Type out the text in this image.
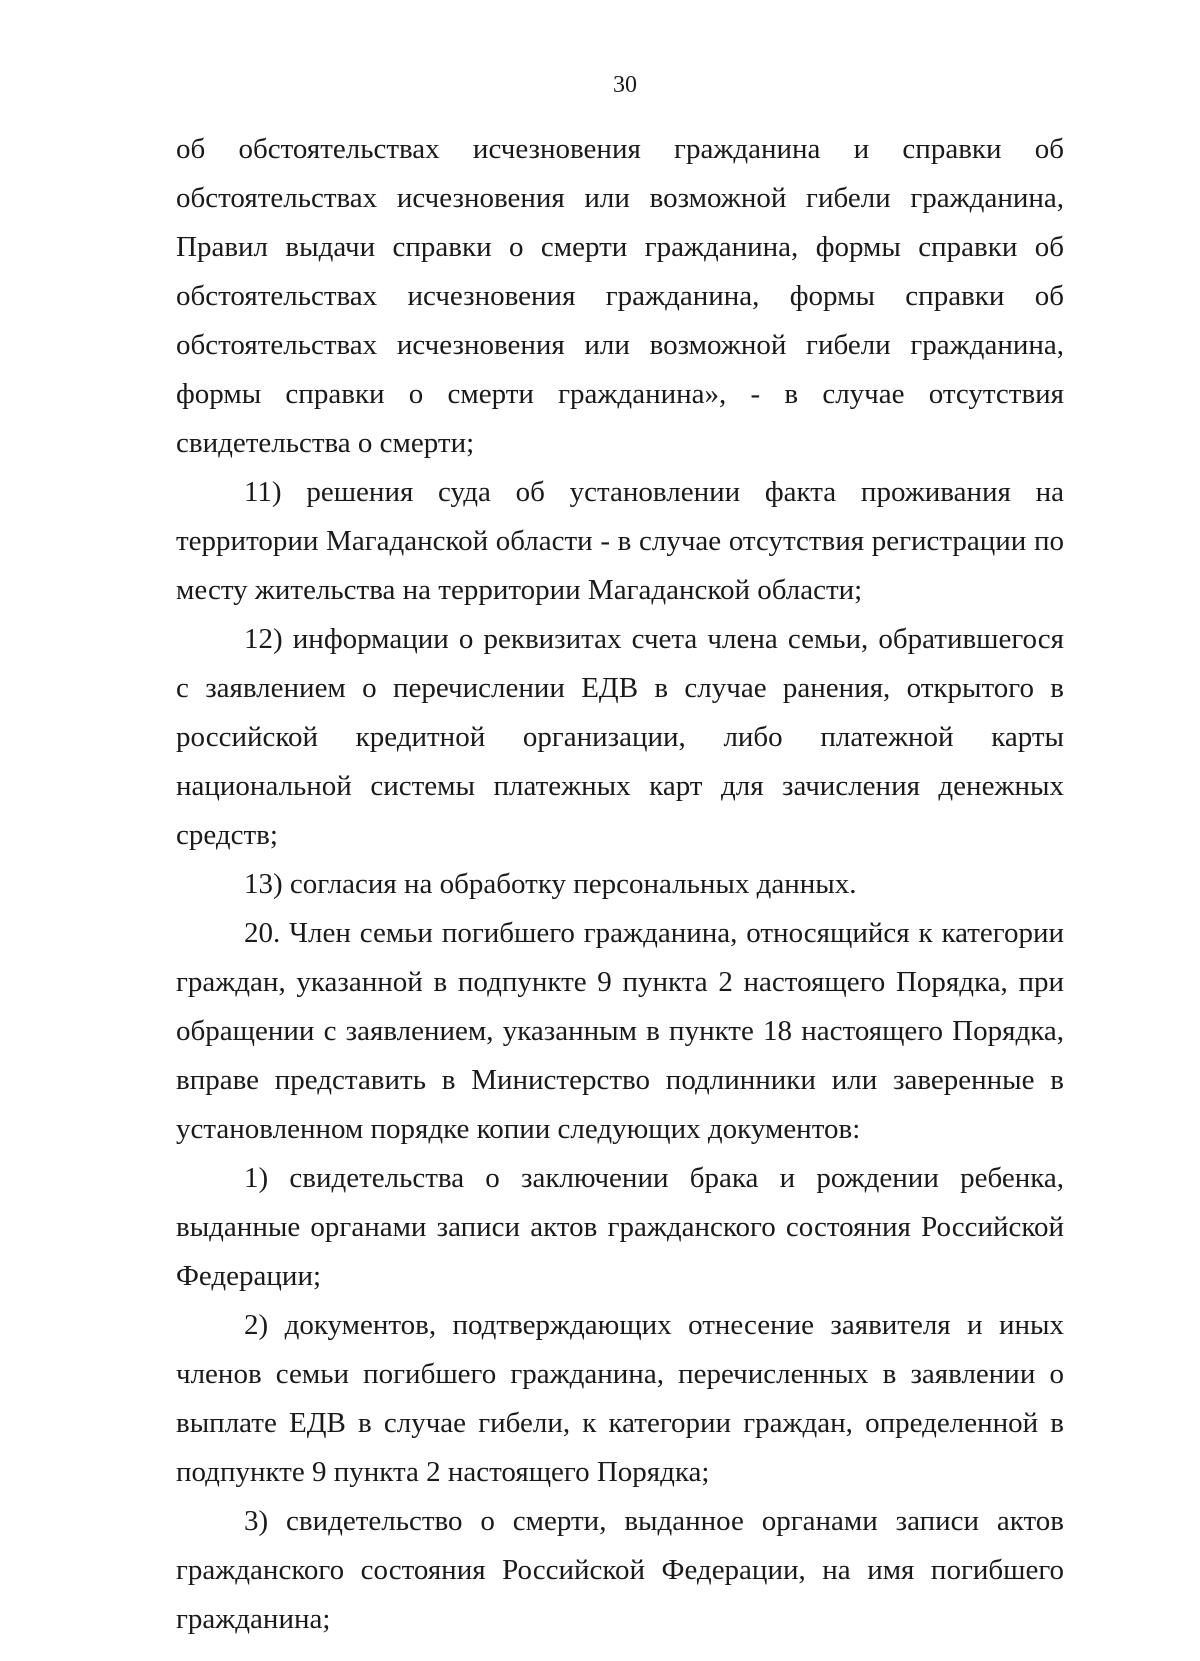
30

об обстоятельствах исчезновения гражданина и справки об обстоятельствах исчезновения или возможной гибели гражданина, Правил выдачи справки о смерти гражданина, формы справки об обстоятельствах исчезновения гражданина, формы справки об обстоятельствах исчезновения или возможной гибели гражданина, формы справки о смерти гражданина», - в случае отсутствия свидетельства о смерти;

11) решения суда об установлении факта проживания на территории Магаданской области - в случае отсутствия регистрации по месту жительства на территории Магаданской области;

12) информации о реквизитах счета члена семьи, обратившегося с заявлением о перечислении ЕДВ в случае ранения, открытого в российской кредитной организации, либо платежной карты национальной системы платежных карт для зачисления денежных средств;

13) согласия на обработку персональных данных.

20. Член семьи погибшего гражданина, относящийся к категории граждан, указанной в подпункте 9 пункта 2 настоящего Порядка, при обращении с заявлением, указанным в пункте 18 настоящего Порядка, вправе представить в Министерство подлинники или заверенные в установленном порядке копии следующих документов:

1) свидетельства о заключении брака и рождении ребенка, выданные органами записи актов гражданского состояния Российской Федерации;

2) документов, подтверждающих отнесение заявителя и иных членов семьи погибшего гражданина, перечисленных в заявлении о выплате ЕДВ в случае гибели, к категории граждан, определенной в подпункте 9 пункта 2 настоящего Порядка;

3) свидетельство о смерти, выданное органами записи актов гражданского состояния Российской Федерации, на имя погибшего гражданина;
